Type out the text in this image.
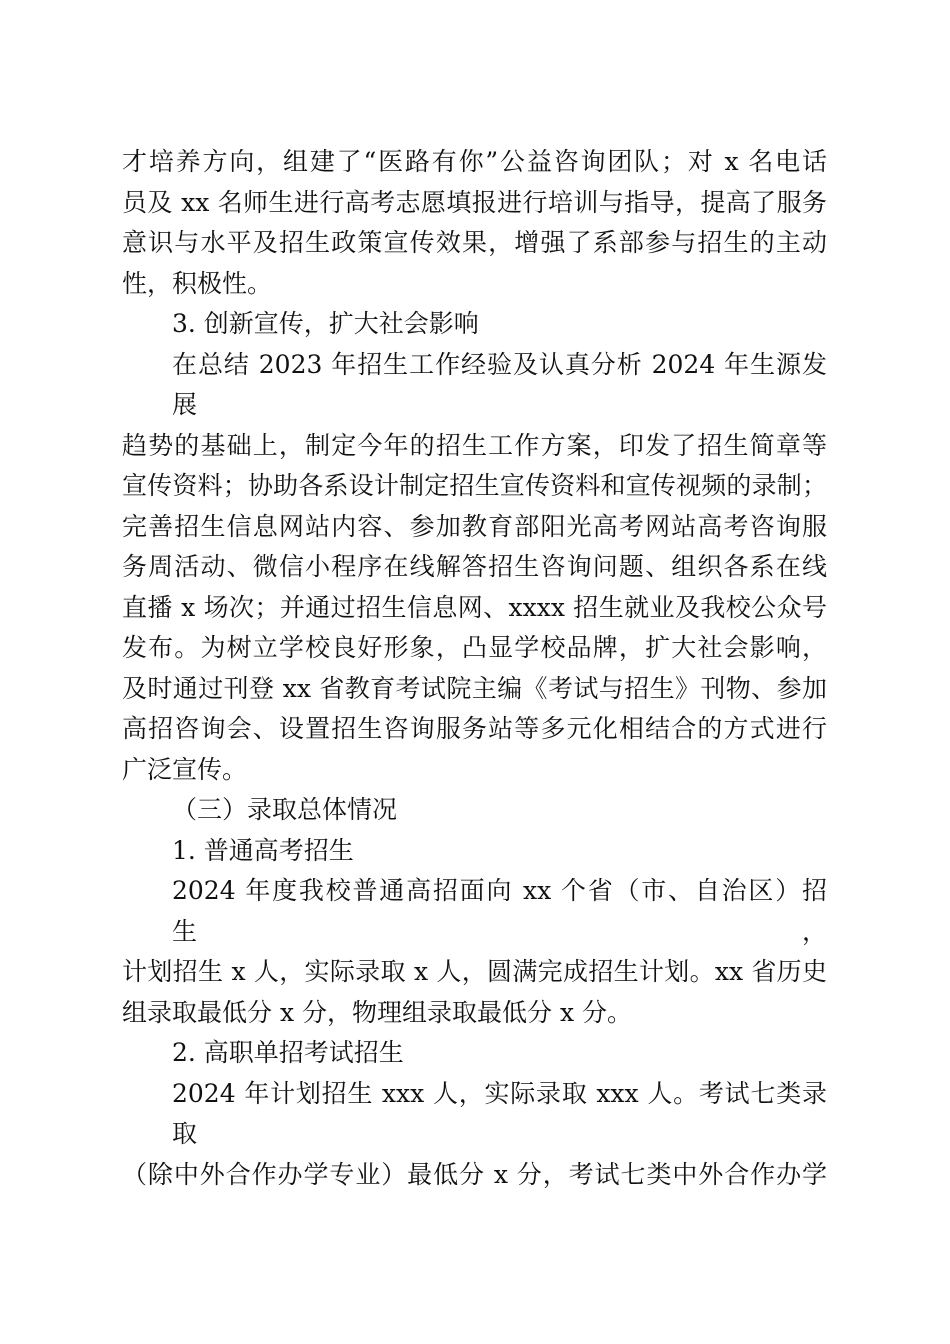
才培养方向，组建了“医路有你”公益咨询团队；对 x 名电话
员及 xx 名师生进行高考志愿填报进行培训与指导，提高了服务
意识与水平及招生政策宣传效果，增强了系部参与招生的主动
性，积极性。
3. 创新宣传，扩大社会影响
在总结 2023 年招生工作经验及认真分析 2024 年生源发展
趋势的基础上，制定今年的招生工作方案，印发了招生简章等
宣传资料；协助各系设计制定招生宣传资料和宣传视频的录制；
完善招生信息网站内容、参加教育部阳光高考网站高考咨询服
务周活动、微信小程序在线解答招生咨询问题、组织各系在线
直播 x 场次；并通过招生信息网、xxxx 招生就业及我校公众号
发布。为树立学校良好形象，凸显学校品牌，扩大社会影响，
及时通过刊登 xx 省教育考试院主编《考试与招生》刊物、参加
高招咨询会、设置招生咨询服务站等多元化相结合的方式进行
广泛宣传。
（三）录取总体情况
1. 普通高考招生
2024 年度我校普通高招面向 xx 个省（市、自治区）招生，
计划招生 x 人，实际录取 x 人，圆满完成招生计划。xx 省历史
组录取最低分 x 分，物理组录取最低分 x 分。
2. 高职单招考试招生
2024 年计划招生 xxx 人，实际录取 xxx 人。考试七类录取
（除中外合作办学专业）最低分 x 分，考试七类中外合作办学
